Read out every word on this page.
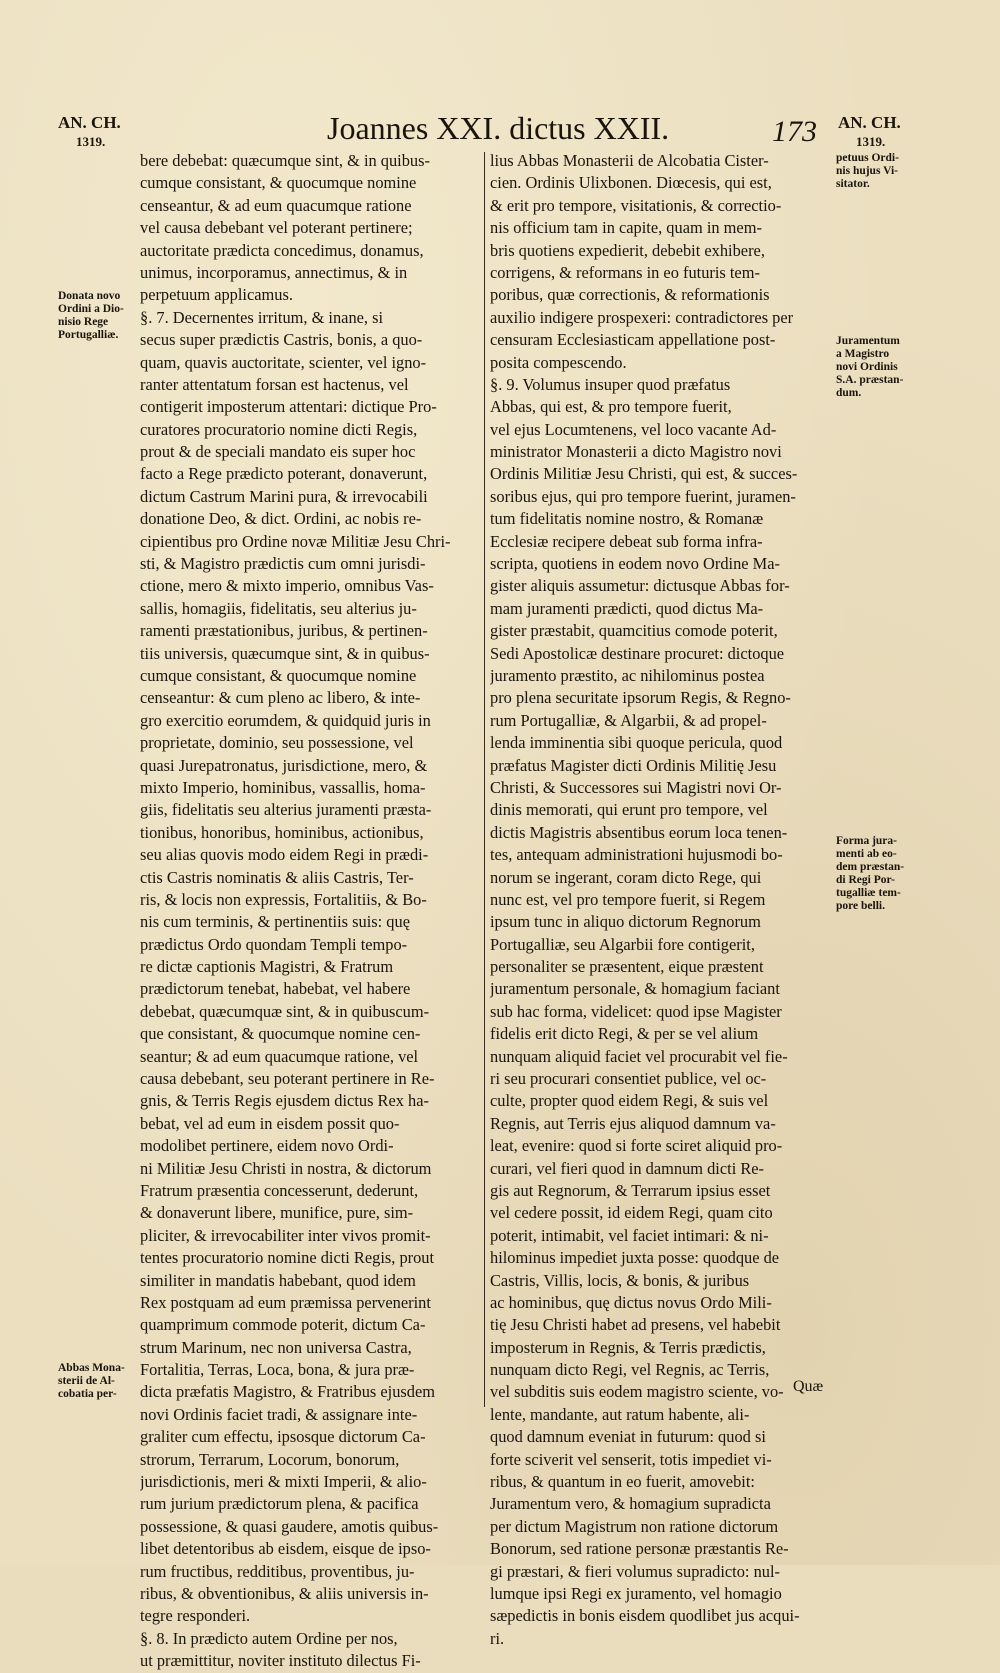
AN. CH.
1319.	Joannes XXI. dictus XXII.	173 AN. CH.
1319.
Donata novo
Ordini a Dio-
nisio Rege
Portugalliæ.
Abbas Mona-
sterii de Al-
cobatia per-
petuus Ordi-
nis hujus Vi-
sitator.
Juramentum
a Magistro
novi Ordinis
S.A. præstan-
dum.
Forma jura-
menti ab eo-
dem præstan-
di Regi Por-
tugalliæ tem-
pore belli.
bere debebat: quæcumque sint, & in quibus-
cumque consistant, & quocumque nomine
censeantur, & ad eum quacumque ratione
vel causa debebant vel poterant pertinere;
auctoritate prædicta concedimus, donamus,
unimus, incorporamus, annectimus, & in
perpetuum applicamus.
§. 7. Decernentes irritum, & inane, si
secus super prædictis Castris, bonis, a quo-
quam, quavis auctoritate, scienter, vel igno-
ranter attentatum forsan est hactenus, vel
contigerit imposterum attentari: dictique Pro-
curatores procuratorio nomine dicti Regis,
prout & de speciali mandato eis super hoc
facto a Rege prædicto poterant, donaverunt,
dictum Castrum Marini pura, & irrevocabili
donatione Deo, & dict. Ordini, ac nobis re-
cipientibus pro Ordine novæ Militiæ Jesu Chri-
sti, & Magistro prædictis cum omni jurisdi-
ctione, mero & mixto imperio, omnibus Vas-
sallis, homagiis, fidelitatis, seu alterius ju-
ramenti præstationibus, juribus, & pertinen-
tiis universis, quæcumque sint, & in quibus-
cumque consistant, & quocumque nomine
censeantur: & cum pleno ac libero, & inte-
gro exercitio eorumdem, & quidquid juris in
proprietate, dominio, seu possessione, vel
quasi Jurepatronatus, jurisdictione, mero, &
mixto Imperio, hominibus, vassallis, homa-
giis, fidelitatis seu alterius juramenti præsta-
tionibus, honoribus, hominibus, actionibus,
seu alias quovis modo eidem Regi in prædi-
ctis Castris nominatis & aliis Castris, Ter-
ris, & locis non expressis, Fortalitiis, & Bo-
nis cum terminis, & pertinentiis suis: quę
prædictus Ordo quondam Templi tempo-
re dictæ captionis Magistri, & Fratrum
prædictorum tenebat, habebat, vel habere
debebat, quæcumquæ sint, & in quibuscum-
que consistant, & quocumque nomine cen-
seantur; & ad eum quacumque ratione, vel
causa debebant, seu poterant pertinere in Re-
gnis, & Terris Regis ejusdem dictus Rex ha-
bebat, vel ad eum in eisdem possit quo-
modolibet pertinere, eidem novo Ordi-
ni Militiæ Jesu Christi in nostra, & dictorum
Fratrum præsentia concesserunt, dederunt,
& donaverunt libere, munifice, pure, sim-
pliciter, & irrevocabiliter inter vivos promit-
tentes procuratorio nomine dicti Regis, prout
similiter in mandatis habebant, quod idem
Rex postquam ad eum præmissa pervenerint
quamprimum commode poterit, dictum Ca-
strum Marinum, nec non universa Castra,
Fortalitia, Terras, Loca, bona, & jura præ-
dicta præfatis Magistro, & Fratribus ejusdem
novi Ordinis faciet tradi, & assignare inte-
graliter cum effectu, ipsosque dictorum Ca-
strorum, Terrarum, Locorum, bonorum,
jurisdictionis, meri & mixti Imperii, & alio-
rum jurium prædictorum plena, & pacifica
possessione, & quasi gaudere, amotis quibus-
libet detentoribus ab eisdem, eisque de ipso-
rum fructibus, redditibus, proventibus, ju-
ribus, & obventionibus, & aliis universis in-
tegre responderi.
§. 8. In prædicto autem Ordine per nos,
ut præmittitur, noviter instituto dilectus Fi-
lius Abbas Monasterii de Alcobatia Cister-
cien. Ordinis Ulixbonen. Diœcesis, qui est,
& erit pro tempore, visitationis, & correctio-
nis officium tam in capite, quam in mem-
bris quotiens expedierit, debebit exhibere,
corrigens, & reformans in eo futuris tem-
poribus, quæ correctionis, & reformationis
auxilio indigere prospexeri: contradictores per
censuram Ecclesiasticam appellatione post-
posita compescendo.
§. 9. Volumus insuper quod præfatus
Abbas, qui est, & pro tempore fuerit,
vel ejus Locumtenens, vel loco vacante Ad-
ministrator Monasterii a dicto Magistro novi
Ordinis Militiæ Jesu Christi, qui est, & succes-
soribus ejus, qui pro tempore fuerint, juramen-
tum fidelitatis nomine nostro, & Romanæ
Ecclesiæ recipere debeat sub forma infra-
scripta, quotiens in eodem novo Ordine Ma-
gister aliquis assumetur: dictusque Abbas for-
mam juramenti prædicti, quod dictus Ma-
gister præstabit, quamcitius comode poterit,
Sedi Apostolicæ destinare procuret: dictoque
juramento præstito, ac nihilominus postea
pro plena securitate ipsorum Regis, & Regno-
rum Portugalliæ, & Algarbii, & ad propel-
lenda imminentia sibi quoque pericula, quod
præfatus Magister dicti Ordinis Militię Jesu
Christi, & Successores sui Magistri novi Or-
dinis memorati, qui erunt pro tempore, vel
dictis Magistris absentibus eorum loca tenen-
tes, antequam administrationi hujusmodi bo-
norum se ingerant, coram dicto Rege, qui
nunc est, vel pro tempore fuerit, si Regem
ipsum tunc in aliquo dictorum Regnorum
Portugalliæ, seu Algarbii fore contigerit,
personaliter se præsentent, eique præstent
juramentum personale, & homagium faciant
sub hac forma, videlicet: quod ipse Magister
fidelis erit dicto Regi, & per se vel alium
nunquam aliquid faciet vel procurabit vel fie-
ri seu procurari consentiet publice, vel oc-
culte, propter quod eidem Regi, & suis vel
Regnis, aut Terris ejus aliquod damnum va-
leat, evenire: quod si forte sciret aliquid pro-
curari, vel fieri quod in damnum dicti Re-
gis aut Regnorum, & Terrarum ipsius esset
vel cedere possit, id eidem Regi, quam cito
poterit, intimabit, vel faciet intimari: & ni-
hilominus impediet juxta posse: quodque de
Castris, Villis, locis, & bonis, & juribus
ac hominibus, quę dictus novus Ordo Mili-
tię Jesu Christi habet ad presens, vel habebit
imposterum in Regnis, & Terris prædictis,
nunquam dicto Regi, vel Regnis, ac Terris,
vel subditis suis eodem magistro sciente, vo-
lente, mandante, aut ratum habente, ali-
quod damnum eveniat in futurum: quod si
forte sciverit vel senserit, totis impediet vi-
ribus, & quantum in eo fuerit, amovebit:
Juramentum vero, & homagium supradicta
per dictum Magistrum non ratione dictorum
Bonorum, sed ratione personæ præstantis Re-
gi præstari, & fieri volumus supradicto: nul-
lumque ipsi Regi ex juramento, vel homagio
sæpedictis in bonis eisdem quodlibet jus acqui-
ri.
Quæ
